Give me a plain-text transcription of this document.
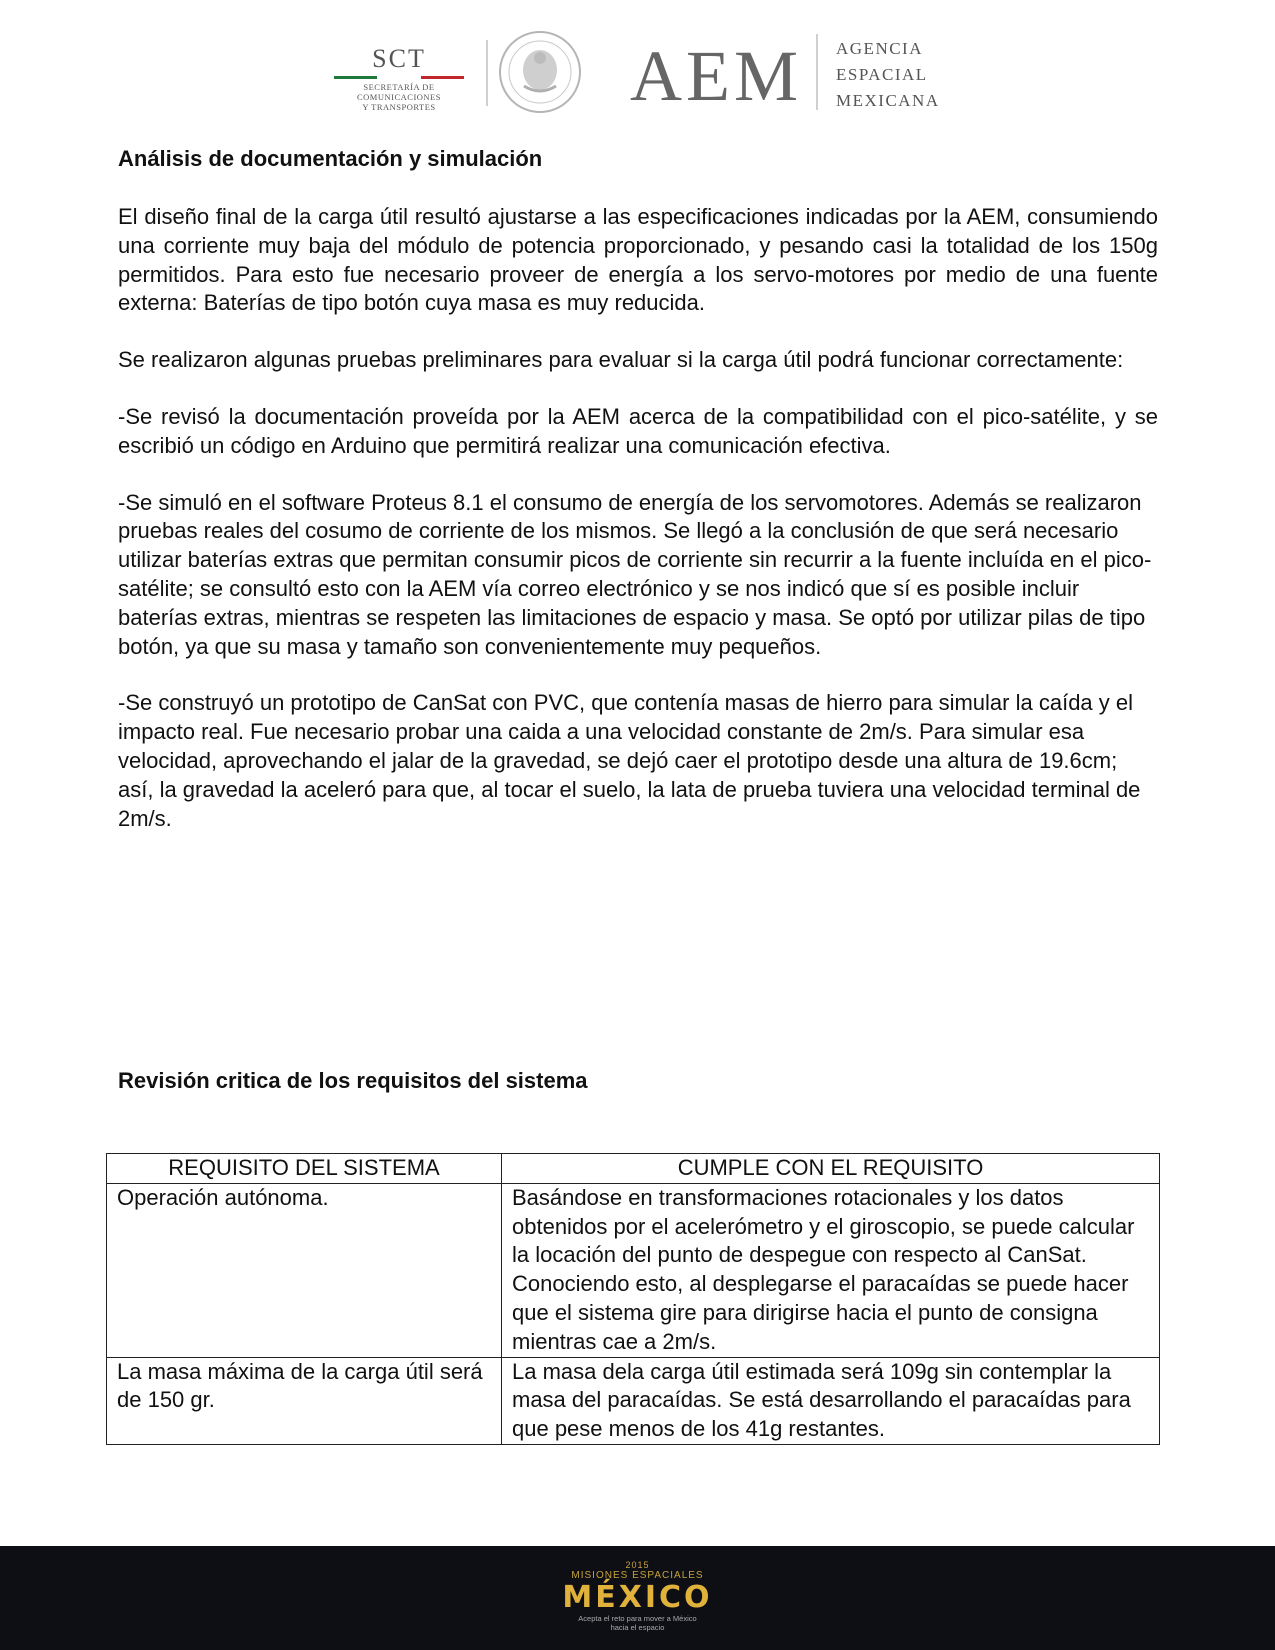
SCT
SECRETARÍA DE
COMUNICACIONES
Y TRANSPORTES	AEM AGENCIA
ESPACIAL
MEXICANA
Análisis de documentación y simulación

El diseño final de la carga útil resultó ajustarse a las especificaciones indicadas por la AEM, consumiendo una corriente muy baja del módulo de potencia proporcionado, y pesando casi la totalidad de los 150g permitidos. Para esto fue necesario proveer de energía a los servo-motores por medio de una fuente externa: Baterías de tipo botón cuya masa es muy reducida.

Se realizaron algunas pruebas preliminares para evaluar si la carga útil podrá funcionar correctamente:

-Se revisó la documentación proveída por la AEM acerca de la compatibilidad con el pico-satélite, y se escribió un código en Arduino que permitirá realizar una comunicación efectiva.

-Se simuló en el software Proteus 8.1 el consumo de energía de los servomotores. Además se realizaron pruebas reales del cosumo de corriente de los mismos. Se llegó a la conclusión de que será necesario utilizar baterías extras que permitan consumir picos de corriente sin recurrir a la fuente incluída en el pico-satélite; se consultó esto con la AEM vía correo electrónico y se nos indicó que sí es posible incluir baterías extras, mientras se respeten las limitaciones de espacio y masa. Se optó por utilizar pilas de tipo botón, ya que su masa y tamaño son convenientemente muy pequeños.

-Se construyó un prototipo de CanSat con PVC, que contenía masas de hierro para simular la caída y el impacto real. Fue necesario probar una caida a una velocidad constante de 2m/s. Para simular esa velocidad, aprovechando el jalar de la gravedad, se dejó caer el prototipo desde una altura de 19.6cm; así, la gravedad la aceleró para que, al tocar el suelo, la lata de prueba tuviera una velocidad terminal de 2m/s.

Revisión critica de los requisitos del sistema
REQUISITO DEL SISTEMA	CUMPLE CON EL REQUISITO
Operación autónoma.	Basándose en transformaciones rotacionales y los datos obtenidos por el acelerómetro y el giroscopio, se puede calcular la locación del punto de despegue con respecto al CanSat. Conociendo esto, al desplegarse el paracaídas se puede hacer que el sistema gire para dirigirse hacia el punto de consigna mientras cae a 2m/s.
La masa máxima de la carga útil será de 150 gr.	La masa dela carga útil estimada será 109g sin contemplar la masa del paracaídas. Se está desarrollando el paracaídas para que pese menos de los 41g restantes.
2015
MISIONES ESPACIALES
MÉXICO
Acepta el reto para mover a México
hacia el espacio
